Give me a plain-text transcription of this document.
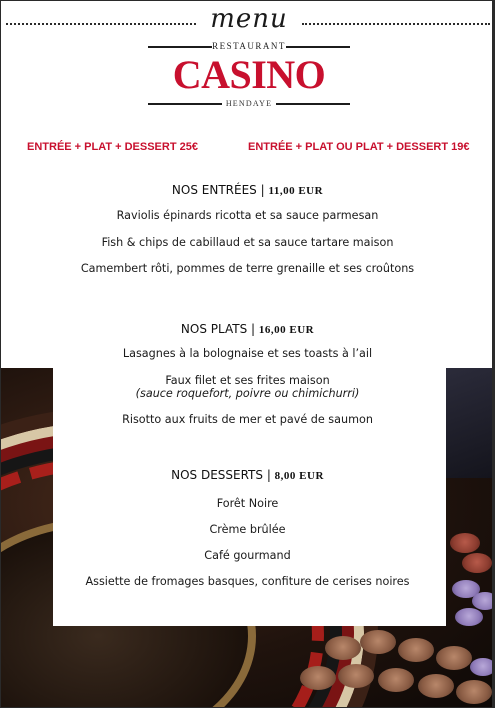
menu
RESTAURANT
CASINO
HENDAYE
ENTRÉE + PLAT + DESSERT 25€	ENTRÉE + PLAT OU PLAT + DESSERT 19€
NOS ENTRÉES | 11,00 EUR
Raviolis épinards ricotta et sa sauce parmesan
Fish & chips de cabillaud et sa sauce tartare maison
Camembert rôti, pommes de terre grenaille et ses croûtons
NOS PLATS | 16,00 EUR
Lasagnes à la bolognaise et ses toasts à l’ail
Faux filet et ses frites maison
(sauce roquefort, poivre ou chimichurri)
Risotto aux fruits de mer et pavé de saumon
NOS DESSERTS | 8,00 EUR
Forêt Noire
Crème brûlée
Café gourmand
Assiette de fromages basques, confiture de cerises noires
